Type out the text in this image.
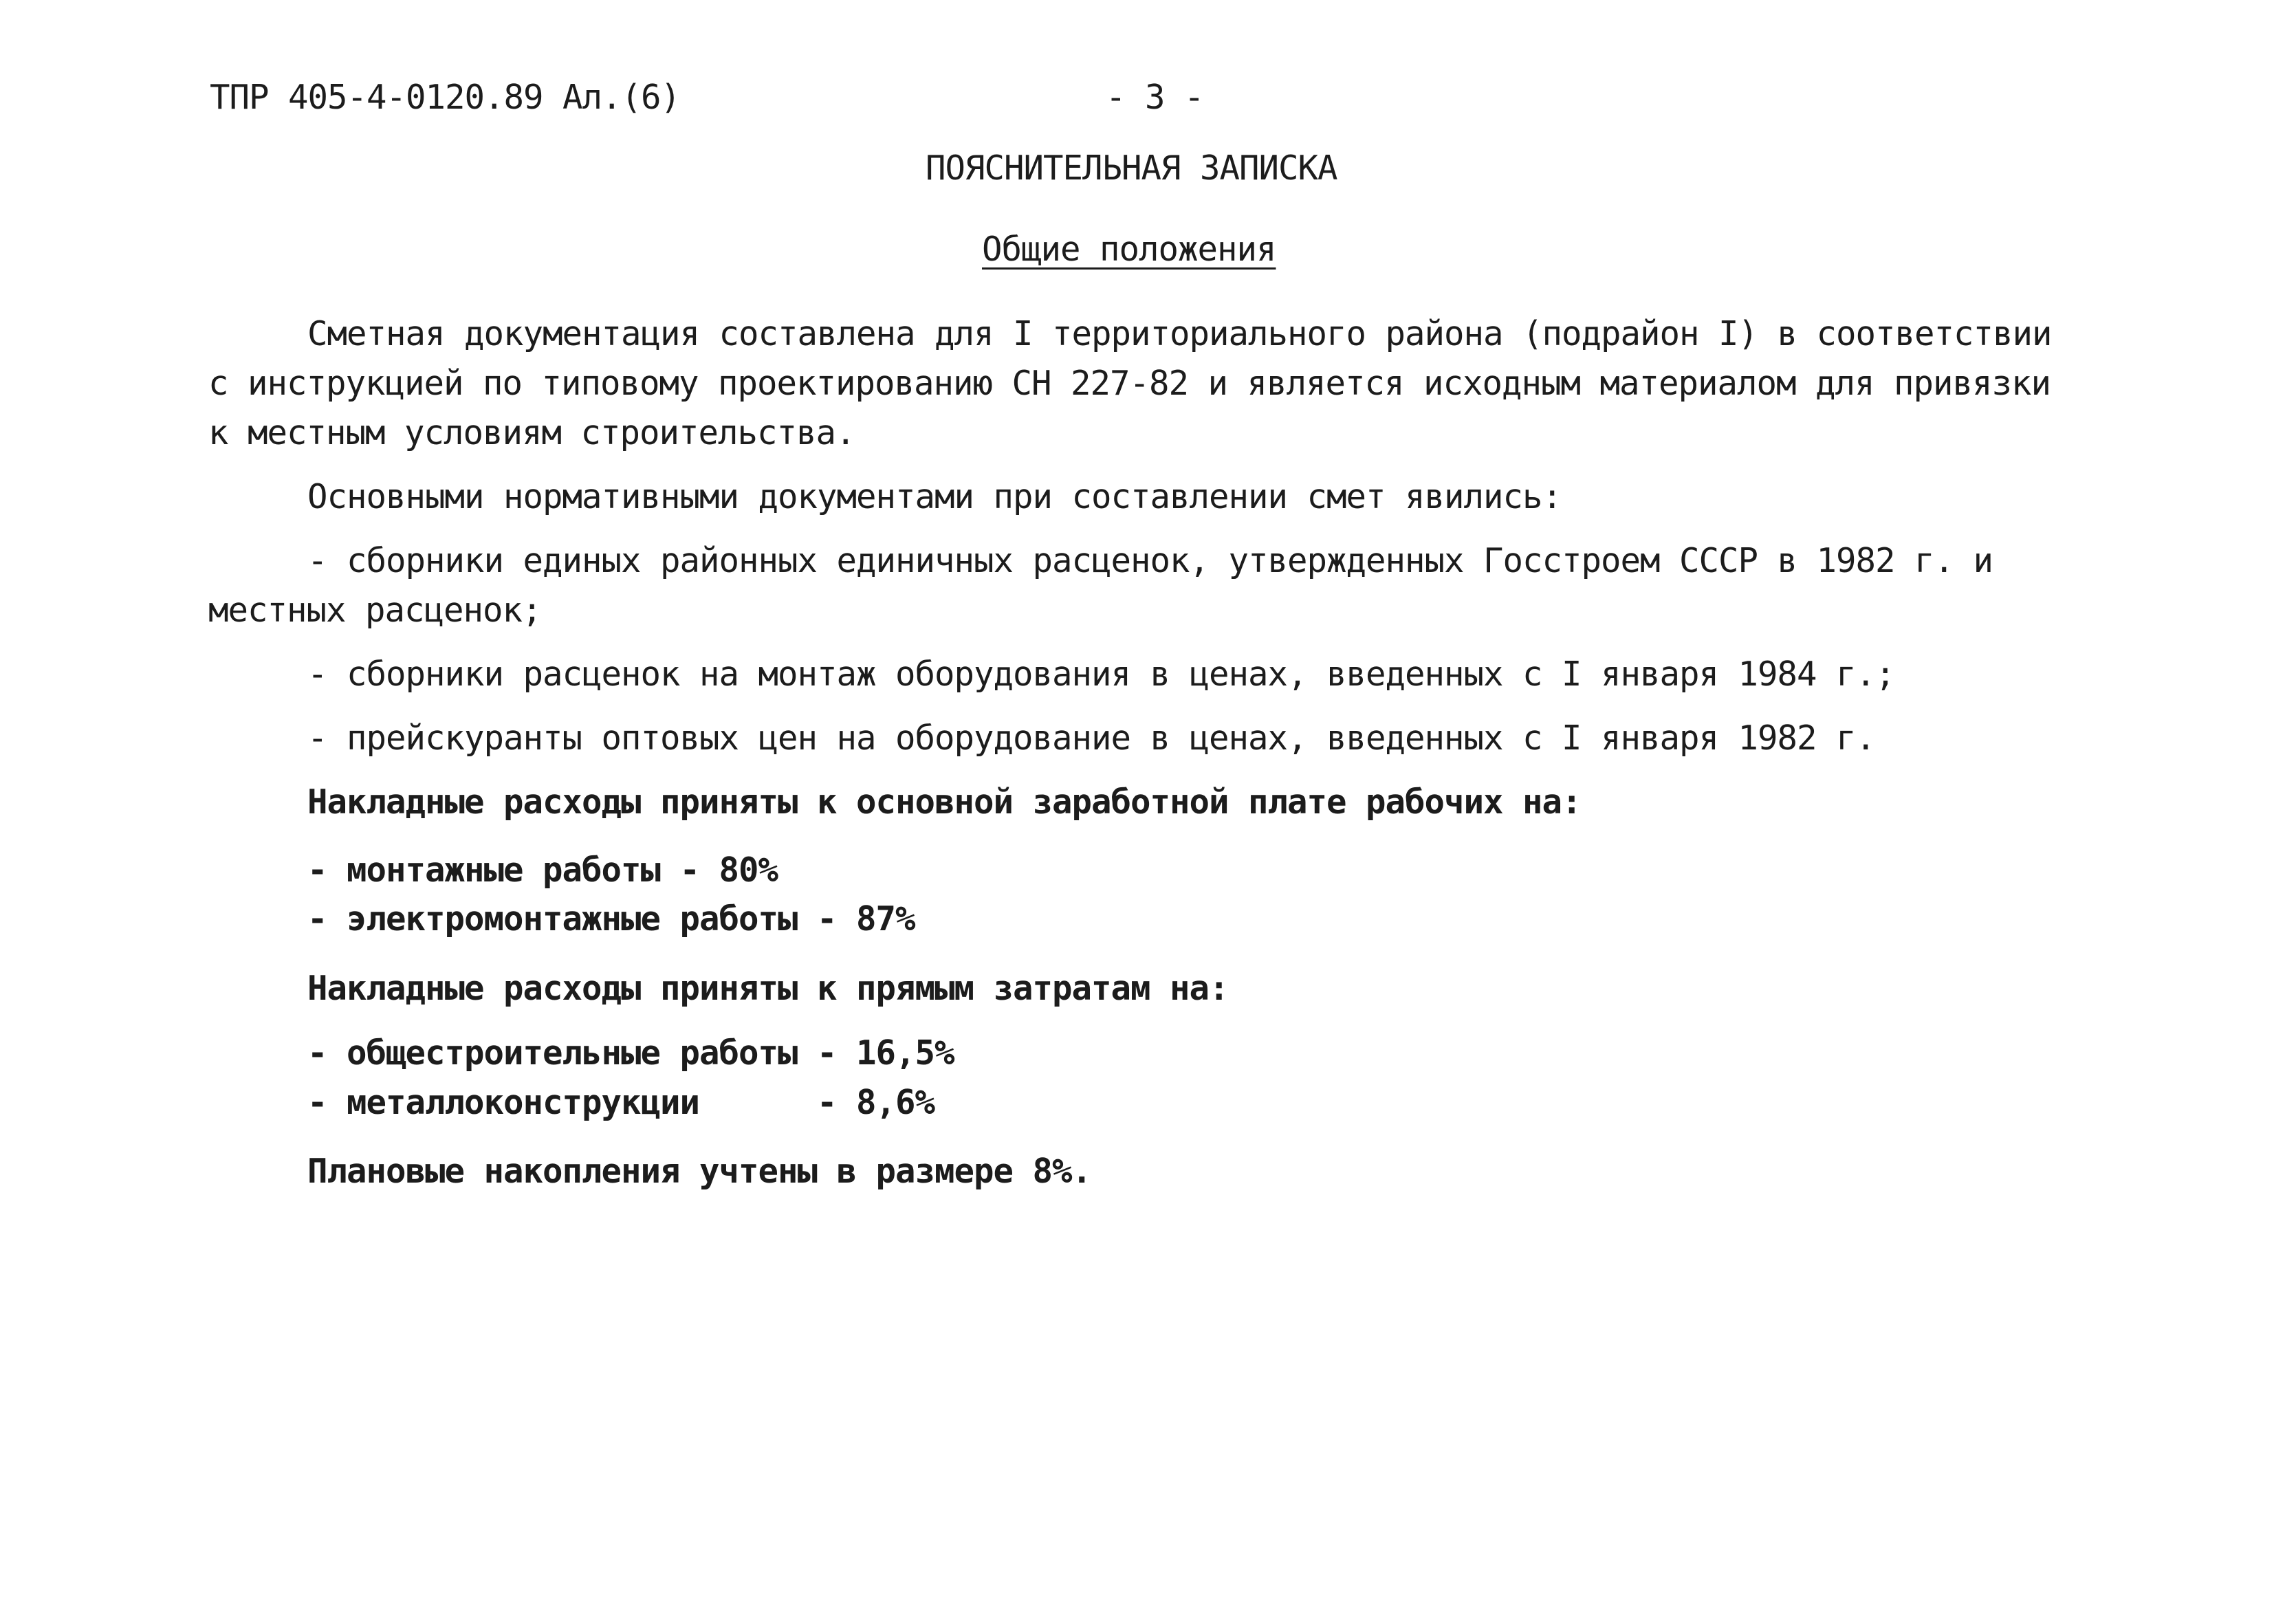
ТПР 405-4-0120.89 Ал.(6)	- 3 -
ПОЯСНИТЕЛЬНАЯ ЗАПИСКА
Общие положения
Сметная документация составлена для I территориального района (подрайон I) в соответствии
с инструкцией по типовому проектированию СН 227-82 и является исходным материалом для привязки
к местным условиям строительства.
Основными нормативными документами при составлении смет явились:
- сборники единых районных единичных расценок, утвержденных Госстроем СССР в 1982 г. и
местных расценок;
- сборники расценок на монтаж оборудования в ценах, введенных с I января 1984 г.;
- прейскуранты оптовых цен на оборудование в ценах, введенных с I января 1982 г.
Накладные расходы приняты к основной заработной плате рабочих на:
- монтажные работы - 80%
- электромонтажные работы - 87%
Накладные расходы приняты к прямым затратам на:
- общестроительные работы - 16,5%
- металлоконструкции      - 8,6%
Плановые накопления учтены в размере 8%.
